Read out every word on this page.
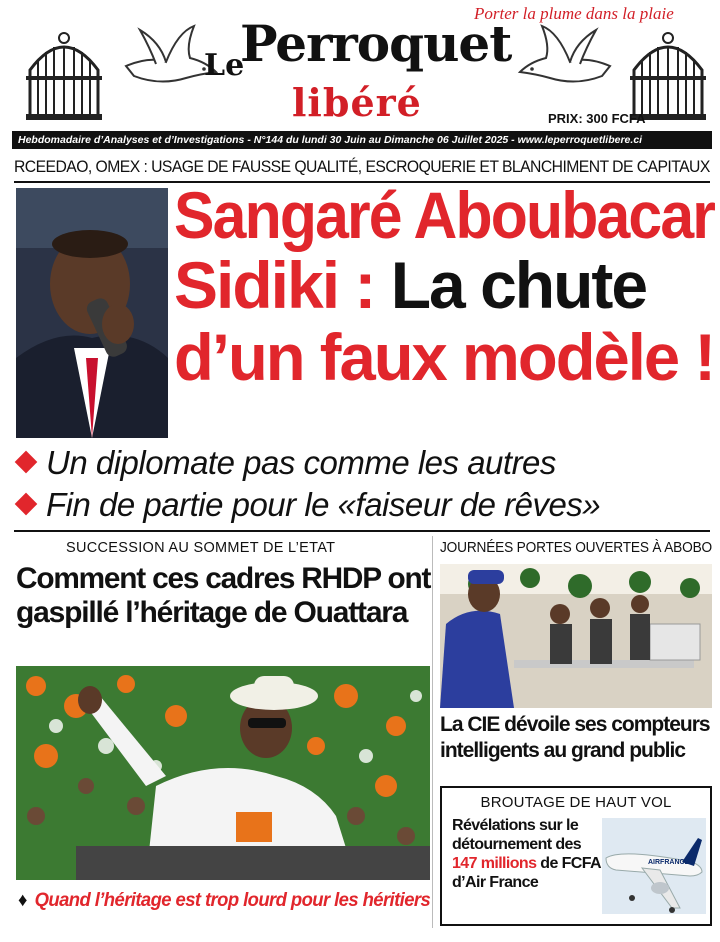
Porter la plume dans la plaie
Le
Perroquet
libéré	PRIX: 300 FCFA
Hebdomadaire d’Analyses et d’Investigations - N°144 du lundi 30 Juin au Dimanche 06 Juillet 2025 - www.leperroquetlibere.ci
RCEEDAO, OMEX : USAGE DE FAUSSE QUALITÉ, ESCROQUERIE ET BLANCHIMENT DE CAPITAUX
Sangaré Aboubacar
Sidiki : La chute
d’un faux modèle !
Un diplomate pas comme les autres
Fin de partie pour le «faiseur de rêves»
SUCCESSION AU SOMMET DE L’ETAT
Comment ces cadres RHDP ont
gaspillé l’héritage de Ouattara
♦ Quand l’héritage est trop lourd pour les héritiers
JOURNÉES PORTES OUVERTES À ABOBO
La CIE dévoile ses compteurs
intelligents au grand public
BROUTAGE DE HAUT VOL
Révélations sur le
détournement des
147 millions de FCFA
d’Air France
AIRFRANCE
